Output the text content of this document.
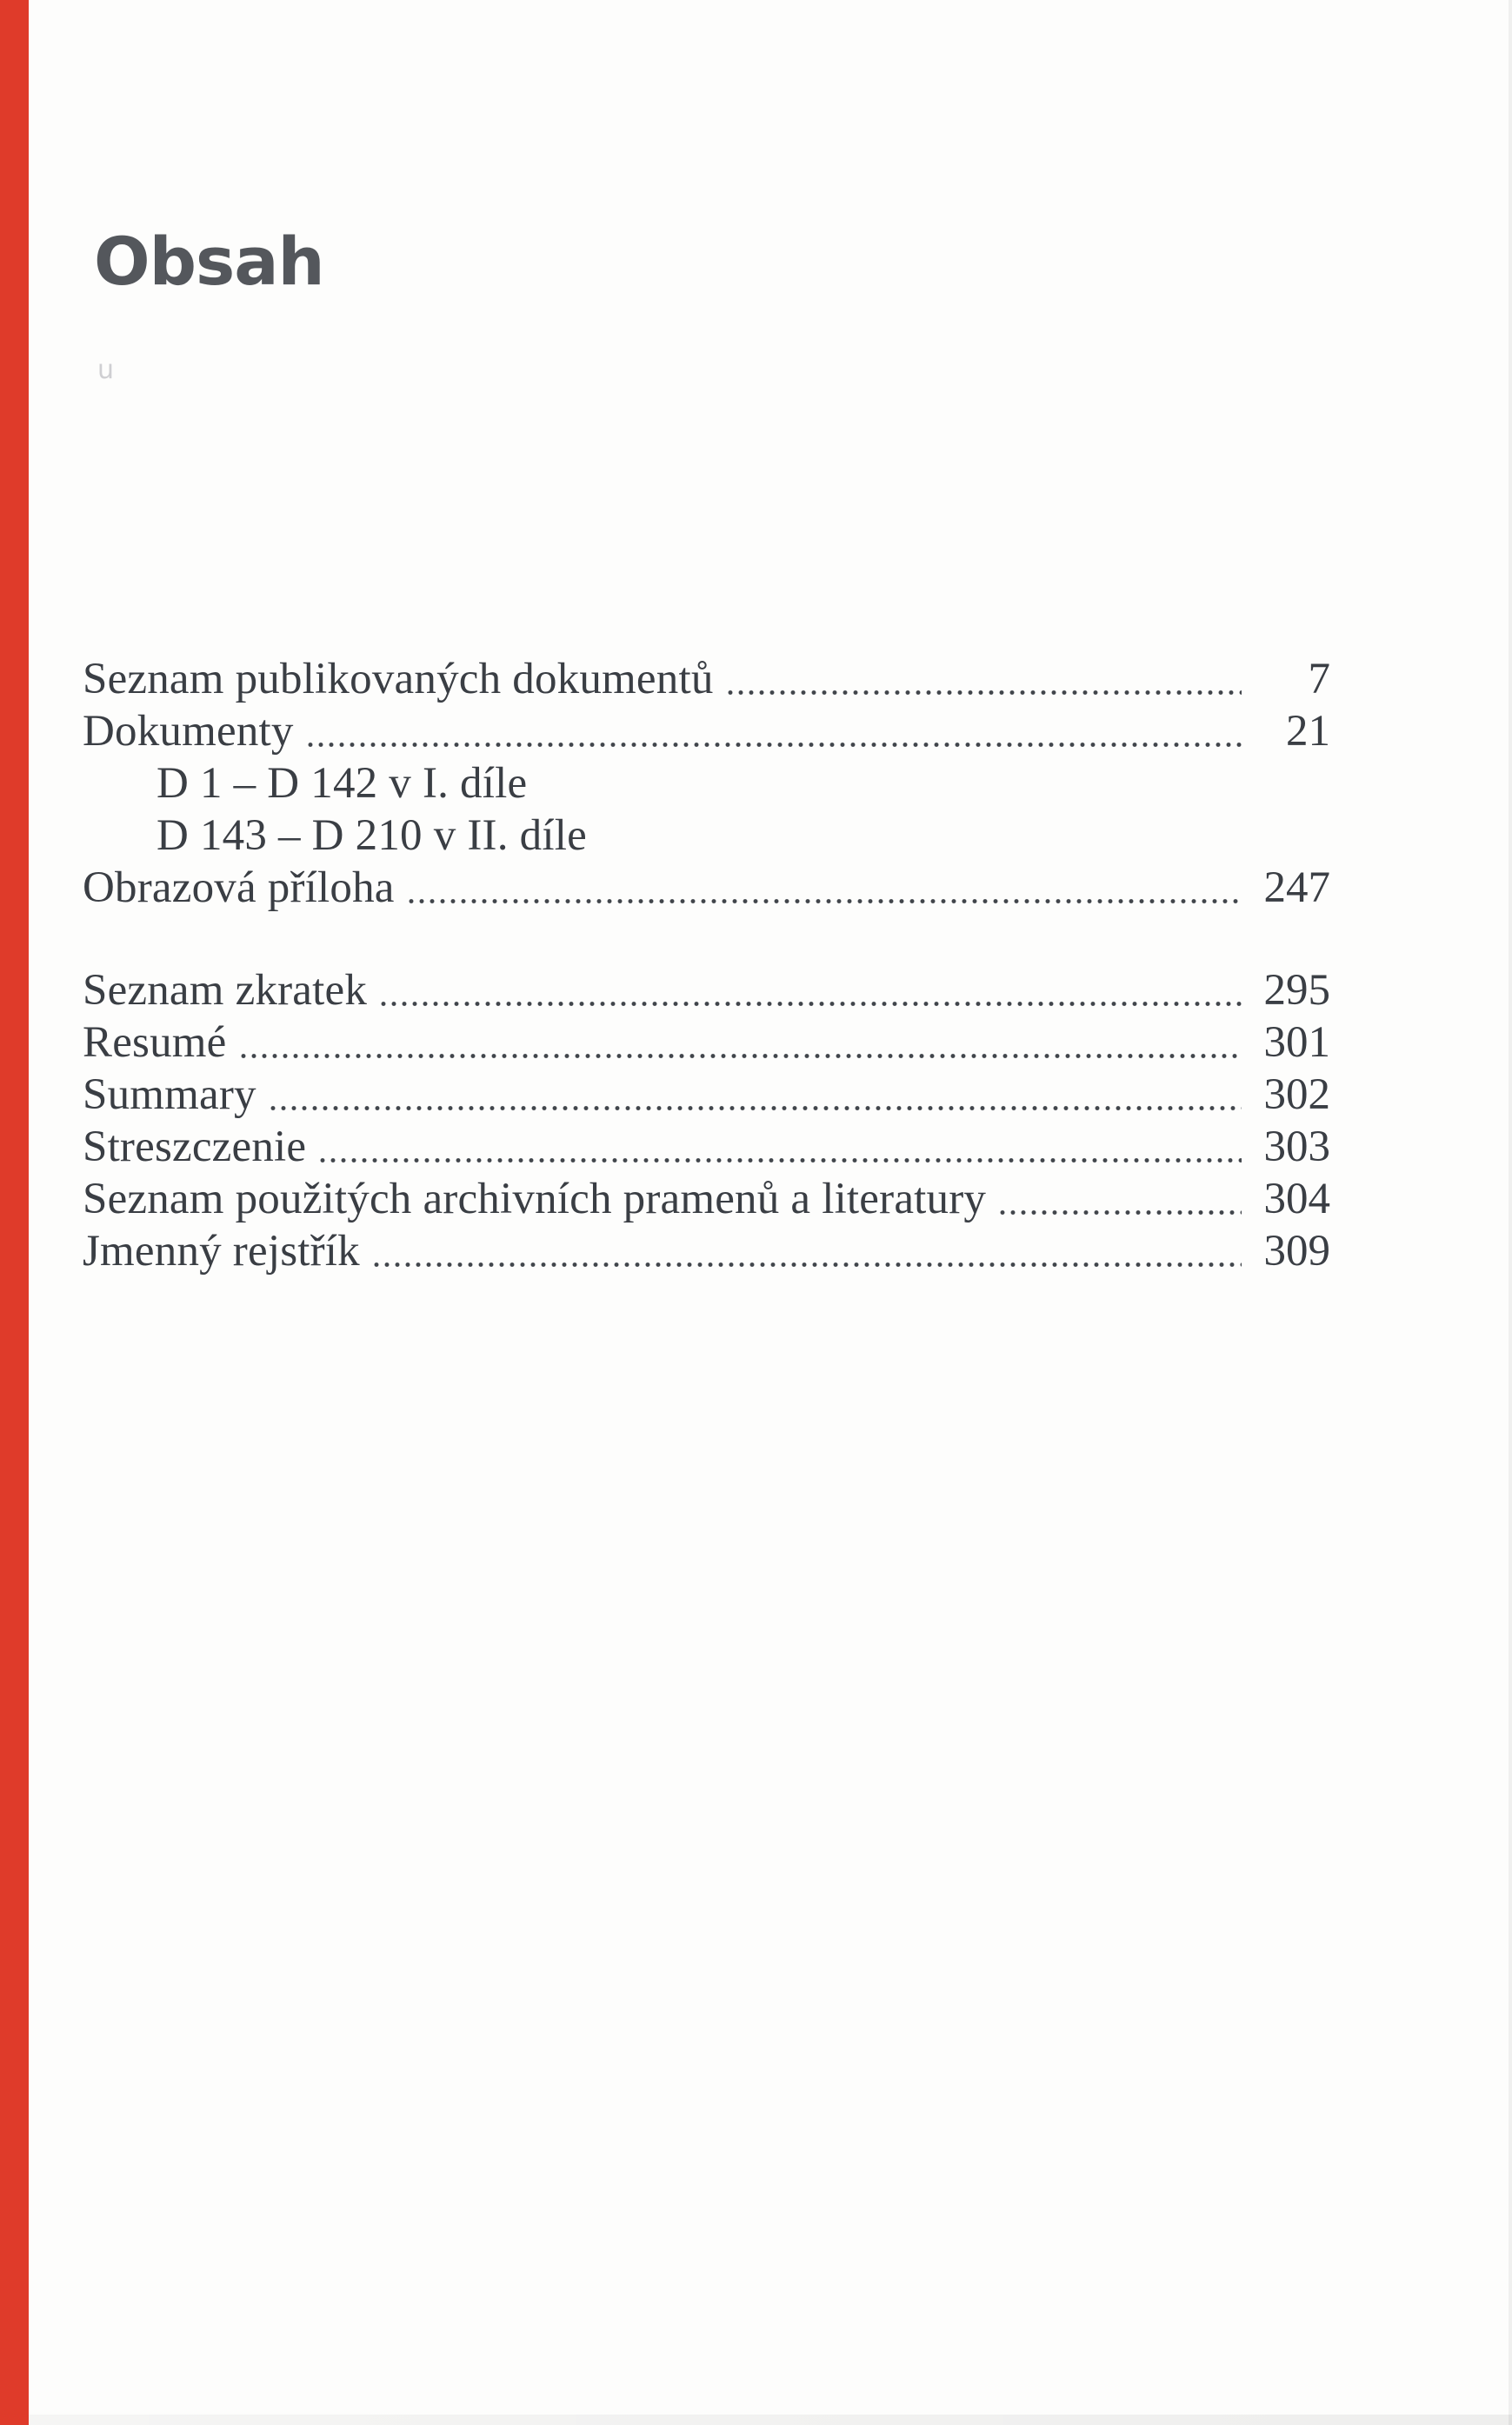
Obsah
u
Seznam publikovaných dokumentů	7
Dokumenty	21
D 1 – D 142 v I. díle
D 143 – D 210 v II. díle
Obrazová příloha	247
Seznam zkratek	295
Resumé	301
Summary	302
Streszczenie	303
Seznam použitých archivních pramenů a literatury	304
Jmenný rejstřík	309
